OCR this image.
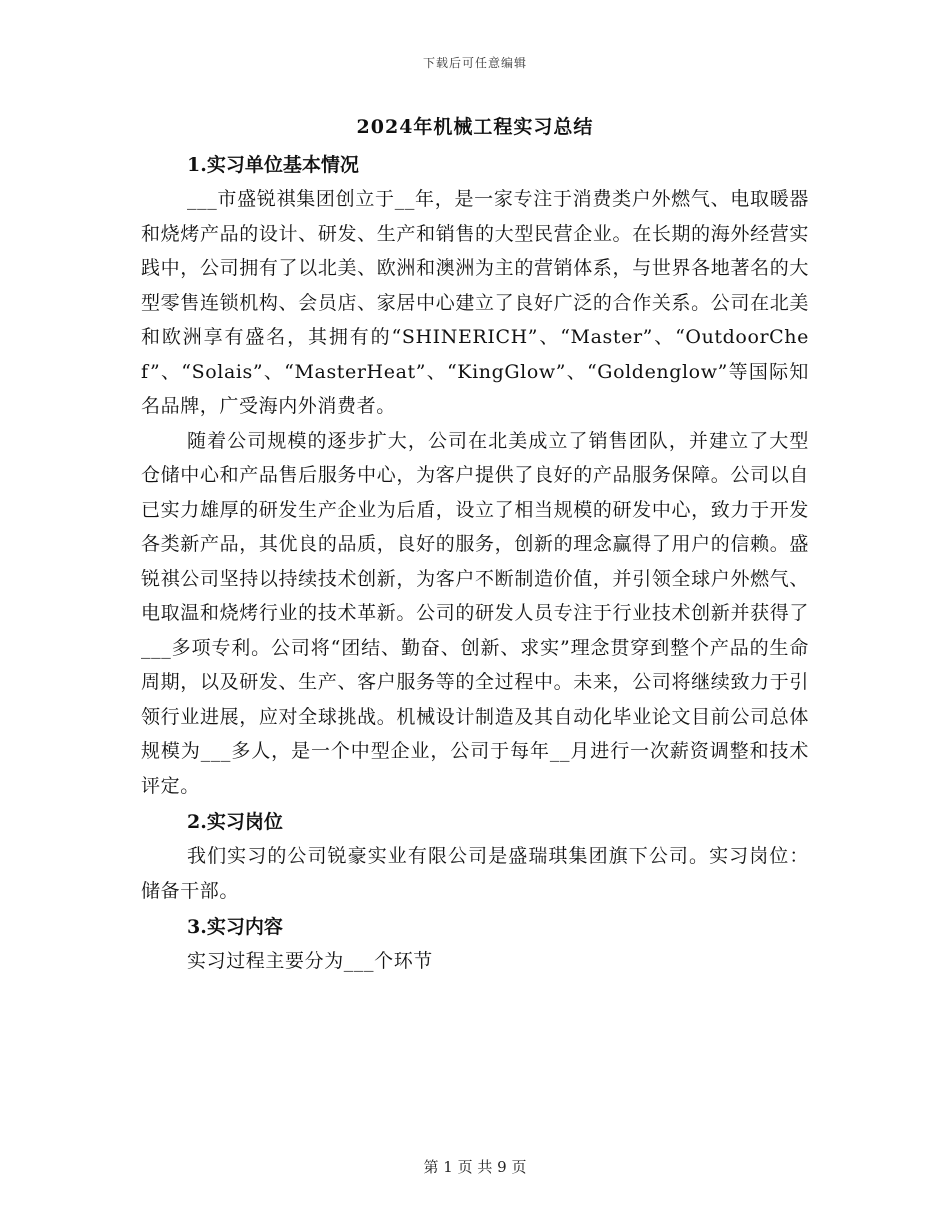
下载后可任意编辑
2024年机械工程实习总结
1.实习单位基本情况

___市盛锐祺集团创立于__年，是一家专注于消费类户外燃气、电取暖器和烧烤产品的设计、研发、生产和销售的大型民营企业。在长期的海外经营实践中，公司拥有了以北美、欧洲和澳洲为主的营销体系，与世界各地著名的大型零售连锁机构、会员店、家居中心建立了良好广泛的合作关系。公司在北美和欧洲享有盛名，其拥有的“SHINERICH”、“Master”、“OutdoorChef”、“Solais”、“MasterHeat”、“KingGlow”、“Goldenglow”等国际知名品牌，广受海内外消费者。

随着公司规模的逐步扩大，公司在北美成立了销售团队，并建立了大型仓储中心和产品售后服务中心，为客户提供了良好的产品服务保障。公司以自已实力雄厚的研发生产企业为后盾，设立了相当规模的研发中心，致力于开发各类新产品，其优良的品质，良好的服务，创新的理念赢得了用户的信赖。盛锐祺公司坚持以持续技术创新，为客户不断制造价值，并引领全球户外燃气、电取温和烧烤行业的技术革新。公司的研发人员专注于行业技术创新并获得了___多项专利。公司将“团结、勤奋、创新、求实”理念贯穿到整个产品的生命周期，以及研发、生产、客户服务等的全过程中。未来，公司将继续致力于引领行业进展，应对全球挑战。机械设计制造及其自动化毕业论文目前公司总体规模为___多人，是一个中型企业，公司于每年__月进行一次薪资调整和技术评定。

2.实习岗位

我们实习的公司锐豪实业有限公司是盛瑞琪集团旗下公司。实习岗位：储备干部。

3.实习内容

实习过程主要分为___个环节

第 1 页 共 9 页
